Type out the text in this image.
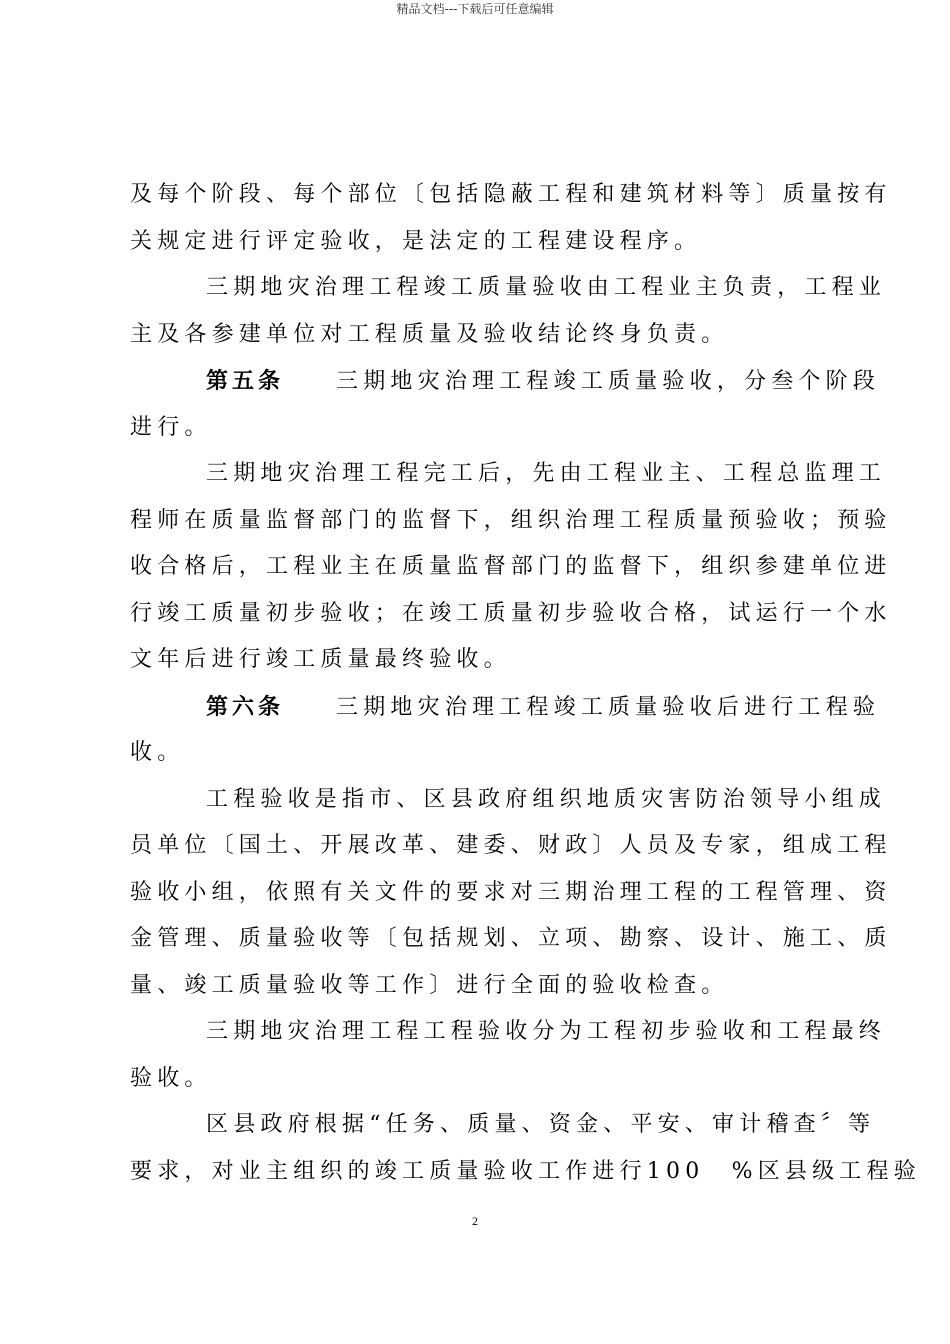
精品文档---下载后可任意编辑
及每个阶段、每个部位〔包括隐蔽工程和建筑材料等〕质量按有
关规定进行评定验收，是法定的工程建设程序。
三期地灾治理工程竣工质量验收由工程业主负责，工程业
主及各参建单位对工程质量及验收结论终身负责。
第五条 三期地灾治理工程竣工质量验收，分叁个阶段
进行。
三期地灾治理工程完工后，先由工程业主、工程总监理工
程师在质量监督部门的监督下，组织治理工程质量预验收；预验
收合格后，工程业主在质量监督部门的监督下，组织参建单位进
行竣工质量初步验收；在竣工质量初步验收合格，试运行一个水
文年后进行竣工质量最终验收。
第六条 三期地灾治理工程竣工质量验收后进行工程验
收。
工程验收是指市、区县政府组织地质灾害防治领导小组成
员单位〔国土、开展改革、建委、财政〕人员及专家，组成工程
验收小组，依照有关文件的要求对三期治理工程的工程管理、资
金管理、质量验收等〔包括规划、立项、勘察、设计、施工、质
量、竣工质量验收等工作〕进行全面的验收检查。
三期地灾治理工程工程验收分为工程初步验收和工程最终
验收。
区县政府根据“任务、质量、资金、平安、审计稽查〞等
要求，对业主组织的竣工质量验收工作进行100　%区县级工程验
2
